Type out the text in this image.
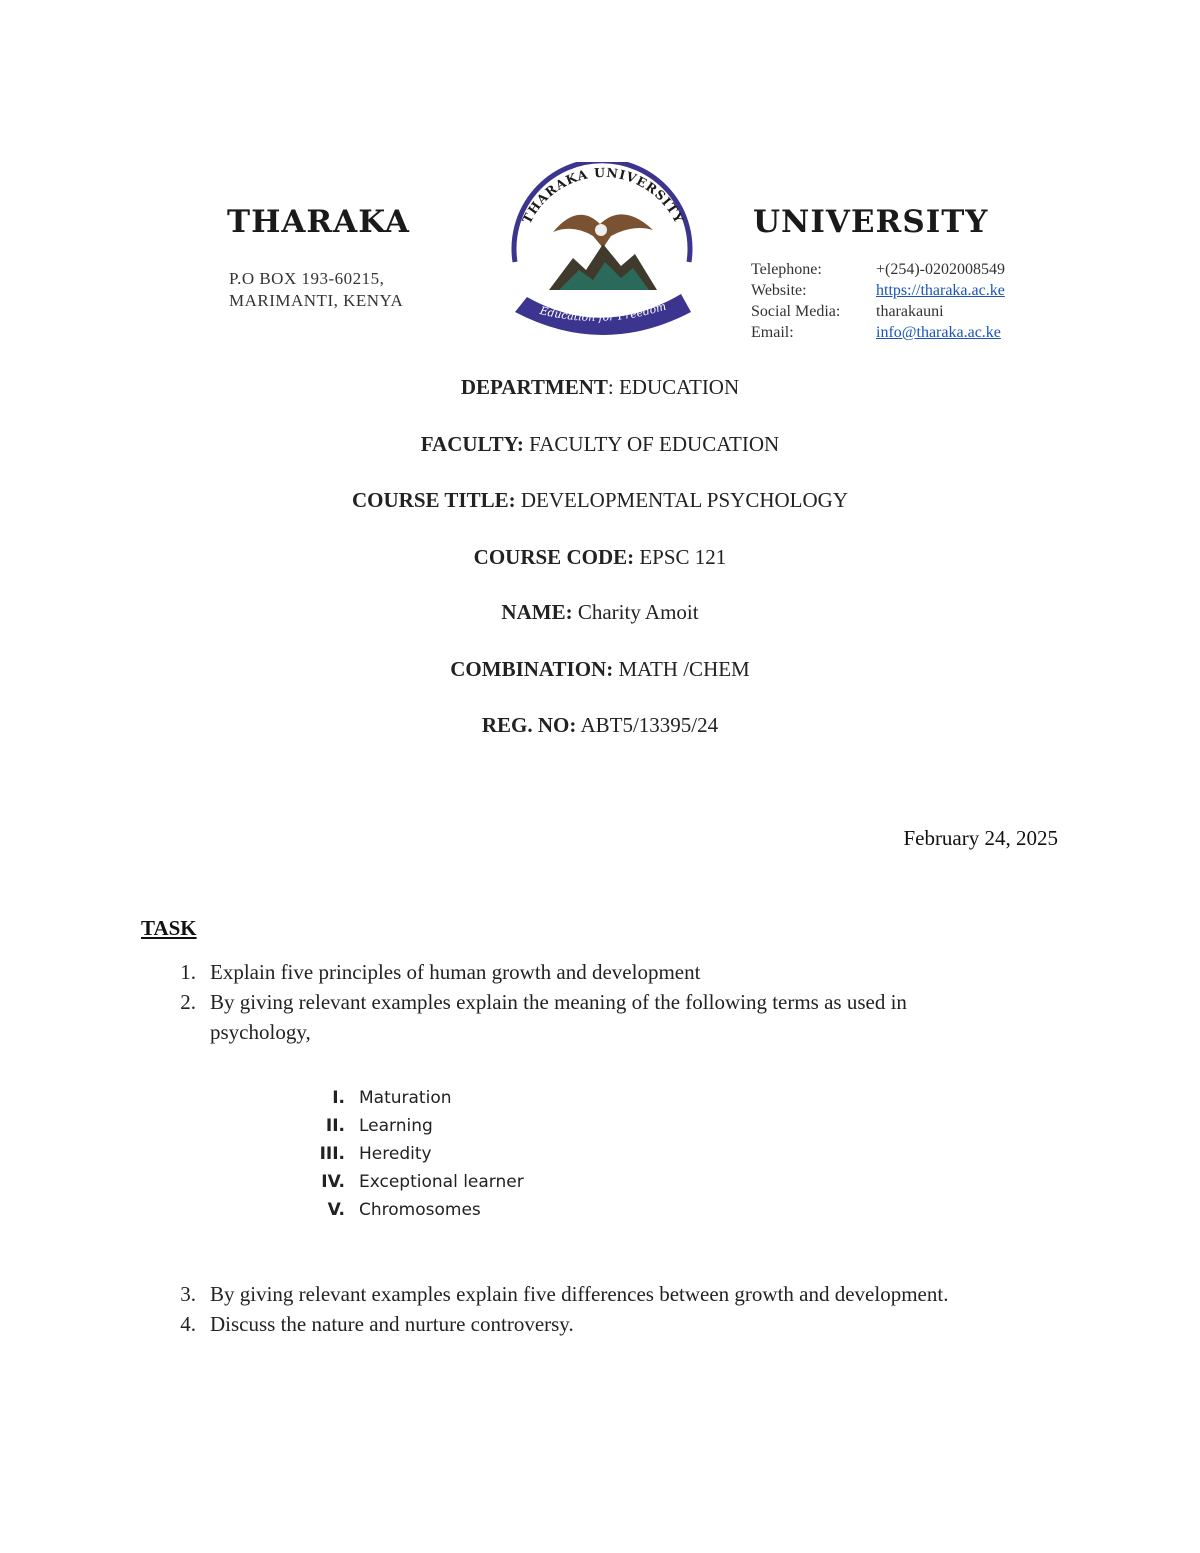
THARAKA
P.O BOX 193-60215,
MARIMANTI, KENYA
THARAKA UNIVERSITY
Education for Freedom
UNIVERSITY
Telephone:	+(254)-0202008549
Website:	https://tharaka.ac.ke
Social Media:	tharakauni
Email:	info@tharaka.ac.ke
DEPARTMENT: EDUCATION
FACULTY: FACULTY OF EDUCATION
COURSE TITLE: DEVELOPMENTAL PSYCHOLOGY
COURSE CODE: EPSC 121
NAME: Charity Amoit
COMBINATION: MATH /CHEM
REG. NO: ABT5/13395/24
February 24, 2025
TASK
1. Explain five principles of human growth and development
2. By giving relevant examples explain the meaning of the following terms as used in
psychology,
I. Maturation
II. Learning
III. Heredity
IV. Exceptional learner
V. Chromosomes
3. By giving relevant examples explain five differences between growth and development.
4. Discuss the nature and nurture controversy.
